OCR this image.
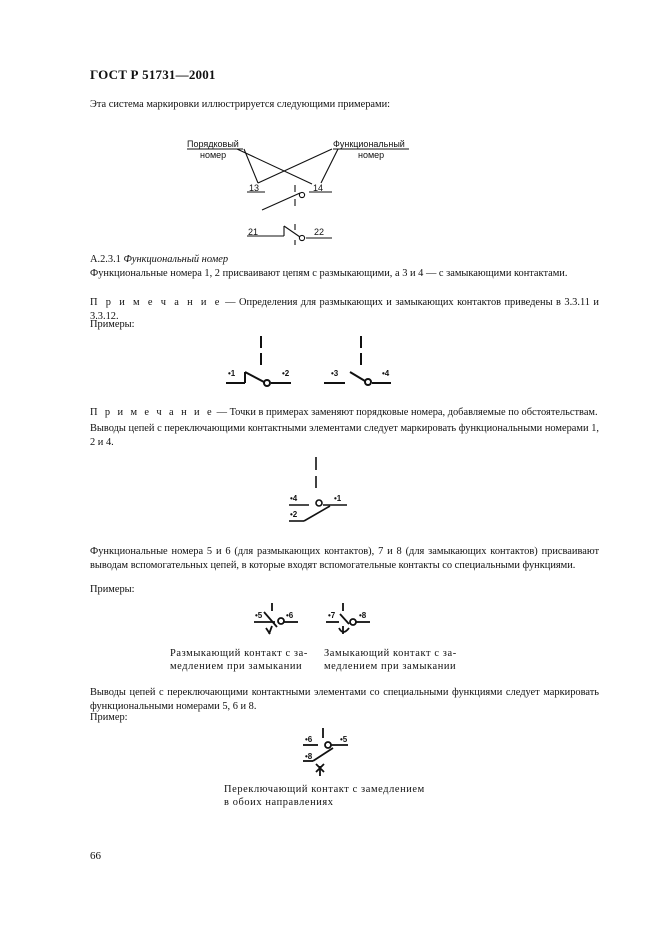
ГОСТ Р 51731—2001
Эта система маркировки иллюстрируется следующими примерами:
Порядковый
номер
Функциональный
номер
13	14
21	22
А.2.3.1 Функциональный номер
Функциональные номера 1, 2 присваивают цепям с размыкающими, а 3 и 4 — с замыкающими контактами.
П р и м е ч а н и е — Определения для размыкающих и замыкающих контактов приведены в 3.3.11 и 3.3.12.
Примеры:
•1	•2	•3	•4
П р и м е ч а н и е — Точки в примерах заменяют порядковые номера, добавляемые по обстоятельствам.
Выводы цепей с переключающими контактными элементами следует маркировать функциональными номерами 1, 2 и 4.
•4	•1
•2
Функциональные номера 5 и 6 (для размыкающих контактов), 7 и 8 (для замыкающих контактов) присваивают выводам вспомогательных цепей, в которые входят вспомогательные контакты со специальными функциями.
Примеры:
•5	•6	•7	•8
Размыкающий контакт с за-
медлением при замыкании
Замыкающий контакт с за-
медлением при замыкании
Выводы цепей с переключающими контактными элементами со специальными функциями следует маркировать функциональными номерами 5, 6 и 8.
Пример:
•6	•5
•8
Переключающий контакт с замедлением
в обоих направлениях
66
